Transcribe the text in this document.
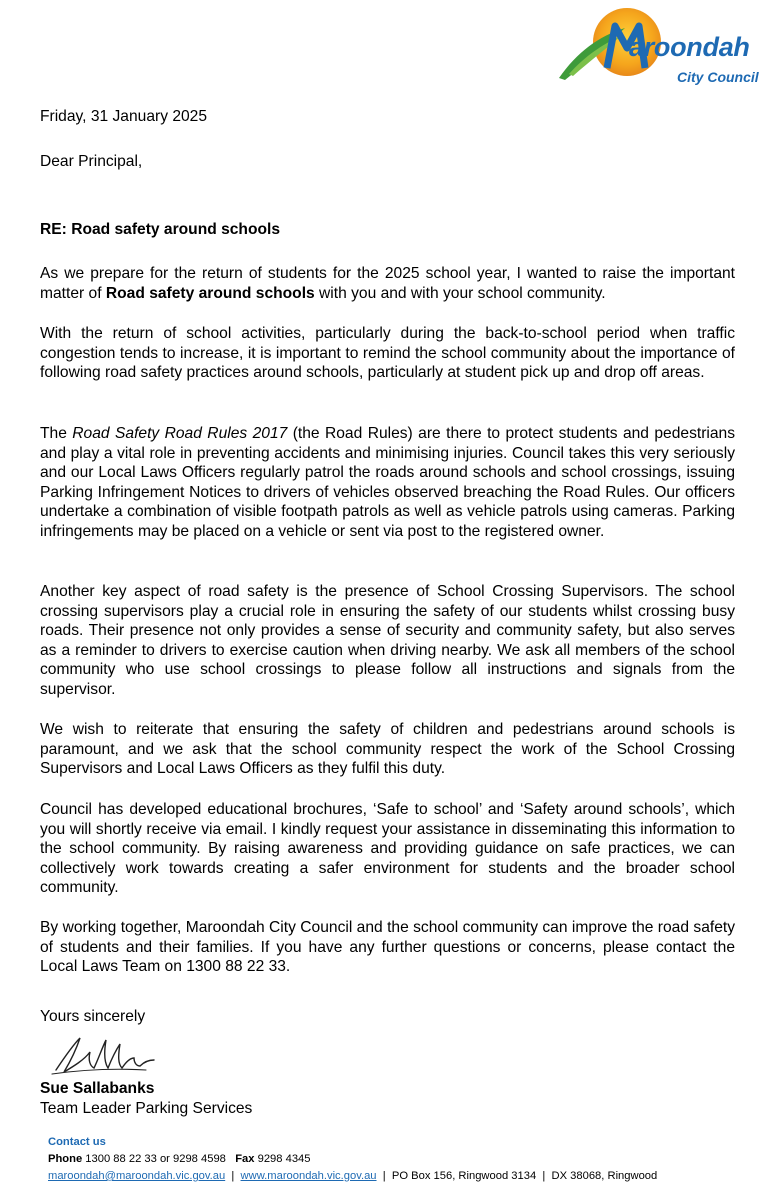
aroondah
City Council
Friday, 31 January 2025
Dear Principal,
RE: Road safety around schools
As we prepare for the return of students for the 2025 school year, I wanted to raise the important matter of Road safety around schools with you and with your school community.
With the return of school activities, particularly during the back-to-school period when traffic congestion tends to increase, it is important to remind the school community about the importance of following road safety practices around schools, particularly at student pick up and drop off areas.
The Road Safety Road Rules 2017 (the Road Rules) are there to protect students and pedestrians and play a vital role in preventing accidents and minimising injuries. Council takes this very seriously and our Local Laws Officers regularly patrol the roads around schools and school crossings, issuing Parking Infringement Notices to drivers of vehicles observed breaching the Road Rules. Our officers undertake a combination of visible footpath patrols as well as vehicle patrols using cameras. Parking infringements may be placed on a vehicle or sent via post to the registered owner.
Another key aspect of road safety is the presence of School Crossing Supervisors. The school crossing supervisors play a crucial role in ensuring the safety of our students whilst crossing busy roads. Their presence not only provides a sense of security and community safety, but also serves as a reminder to drivers to exercise caution when driving nearby. We ask all members of the school community who use school crossings to please follow all instructions and signals from the supervisor.
We wish to reiterate that ensuring the safety of children and pedestrians around schools is paramount, and we ask that the school community respect the work of the School Crossing Supervisors and Local Laws Officers as they fulfil this duty.
Council has developed educational brochures, ‘Safe to school’ and ‘Safety around schools’, which you will shortly receive via email. I kindly request your assistance in disseminating this information to the school community. By raising awareness and providing guidance on safe practices, we can collectively work towards creating a safer environment for students and the broader school community.
By working together, Maroondah City Council and the school community can improve the road safety of students and their families. If you have any further questions or concerns, please contact the Local Laws Team on 1300 88 22 33.
Yours sincerely
Sue Sallabanks
Team Leader Parking Services
Contact us
Phone 1300 88 22 33 or 9298 4598 Fax 9298 4345
maroondah@maroondah.vic.gov.au | www.maroondah.vic.gov.au | PO Box 156, Ringwood 3134 | DX 38068, Ringwood
